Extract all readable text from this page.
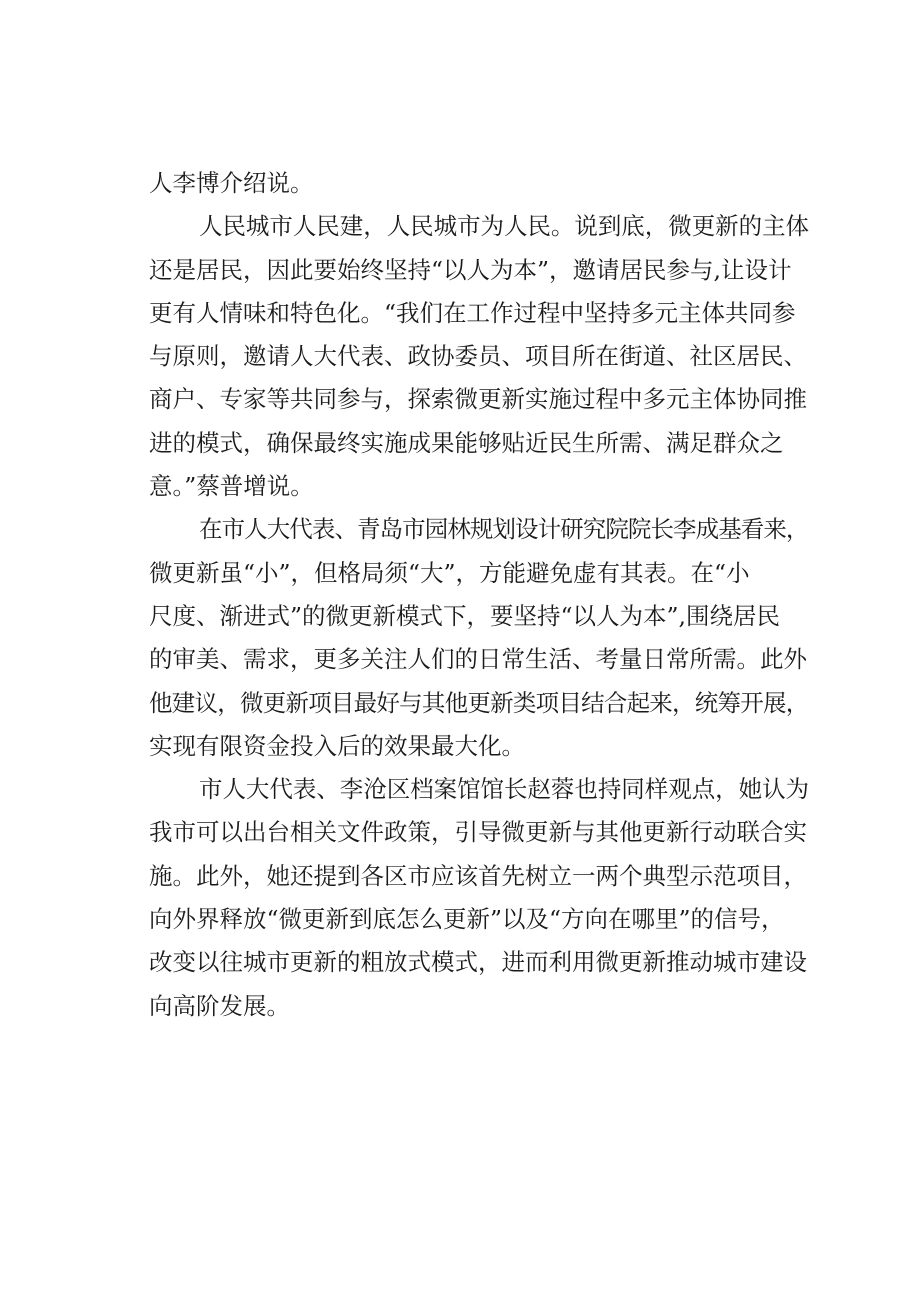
人李博介绍说。
人民城市人民建，人民城市为人民。说到底，微更新的主体
还是居民，因此要始终坚持“以人为本”，邀请居民参与,让设计
更有人情味和特色化。“我们在工作过程中坚持多元主体共同参
与原则，邀请人大代表、政协委员、项目所在街道、社区居民、
商户、专家等共同参与，探索微更新实施过程中多元主体协同推
进的模式，确保最终实施成果能够贴近民生所需、满足群众之
意。”蔡普增说。
在市人大代表、青岛市园林规划设计研究院院长李成基看来，
微更新虽“小”，但格局须“大”，方能避免虚有其表。在“小
尺度、渐进式”的微更新模式下，要坚持“以人为本”,围绕居民
的审美、需求，更多关注人们的日常生活、考量日常所需。此外
他建议，微更新项目最好与其他更新类项目结合起来，统筹开展，
实现有限资金投入后的效果最大化。
市人大代表、李沧区档案馆馆长赵蓉也持同样观点，她认为
我市可以出台相关文件政策，引导微更新与其他更新行动联合实
施。此外，她还提到各区市应该首先树立一两个典型示范项目，
向外界释放“微更新到底怎么更新”以及“方向在哪里”的信号，
改变以往城市更新的粗放式模式，进而利用微更新推动城市建设
向高阶发展。
